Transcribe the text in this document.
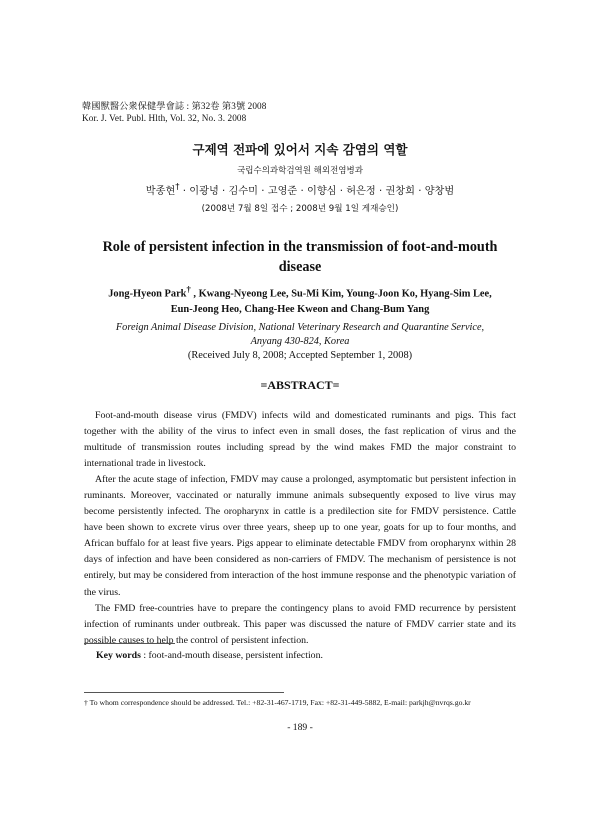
韓國獸醫公衆保健學會誌 : 第32卷 第3號 2008
Kor. J. Vet. Publ. Hlth, Vol. 32, No. 3. 2008
구제역 전파에 있어서 지속 감염의 역할
국립수의과학검역원 해외전염병과
박종현† · 이광녕 · 김수미 · 고영준 · 이향심 · 허은정 · 권창희 · 양창범
(2008년 7월 8일 접수 ; 2008년 9월 1일 게재승인)
Role of persistent infection in the transmission of foot-and-mouth
disease
Jong-Hyeon Park† , Kwang-Nyeong Lee, Su-Mi Kim, Young-Joon Ko, Hyang-Sim Lee,
Eun-Jeong Heo, Chang-Hee Kweon and Chang-Bum Yang
Foreign Animal Disease Division, National Veterinary Research and Quarantine Service,
Anyang 430-824, Korea
(Received July 8, 2008; Accepted September 1, 2008)
=ABSTRACT=

Foot-and-mouth disease virus (FMDV) infects wild and domesticated ruminants and pigs. This fact together with the ability of the virus to infect even in small doses, the fast replication of virus and the multitude of transmission routes including spread by the wind makes FMD the major constraint to international trade in livestock.

After the acute stage of infection, FMDV may cause a prolonged, asymptomatic but persistent infection in ruminants. Moreover, vaccinated or naturally immune animals subsequently exposed to live virus may become persistently infected. The oropharynx in cattle is a predilection site for FMDV persistence. Cattle have been shown to excrete virus over three years, sheep up to one year, goats for up to four months, and African buffalo for at least five years. Pigs appear to eliminate detectable FMDV from oropharynx within 28 days of infection and have been considered as non-carriers of FMDV. The mechanism of persistence is not entirely, but may be considered from interaction of the host immune response and the phenotypic variation of the virus.

The FMD free-countries have to prepare the contingency plans to avoid FMD recurrence by persistent infection of ruminants under outbreak. This paper was discussed the nature of FMDV carrier state and its possible causes to help the control of persistent infection.

Key words : foot-and-mouth disease, persistent infection.
† To whom correspondence should be addressed. Tel.: +82-31-467-1719, Fax: +82-31-449-5882, E-mail: parkjh@nvrqs.go.kr
- 189 -
